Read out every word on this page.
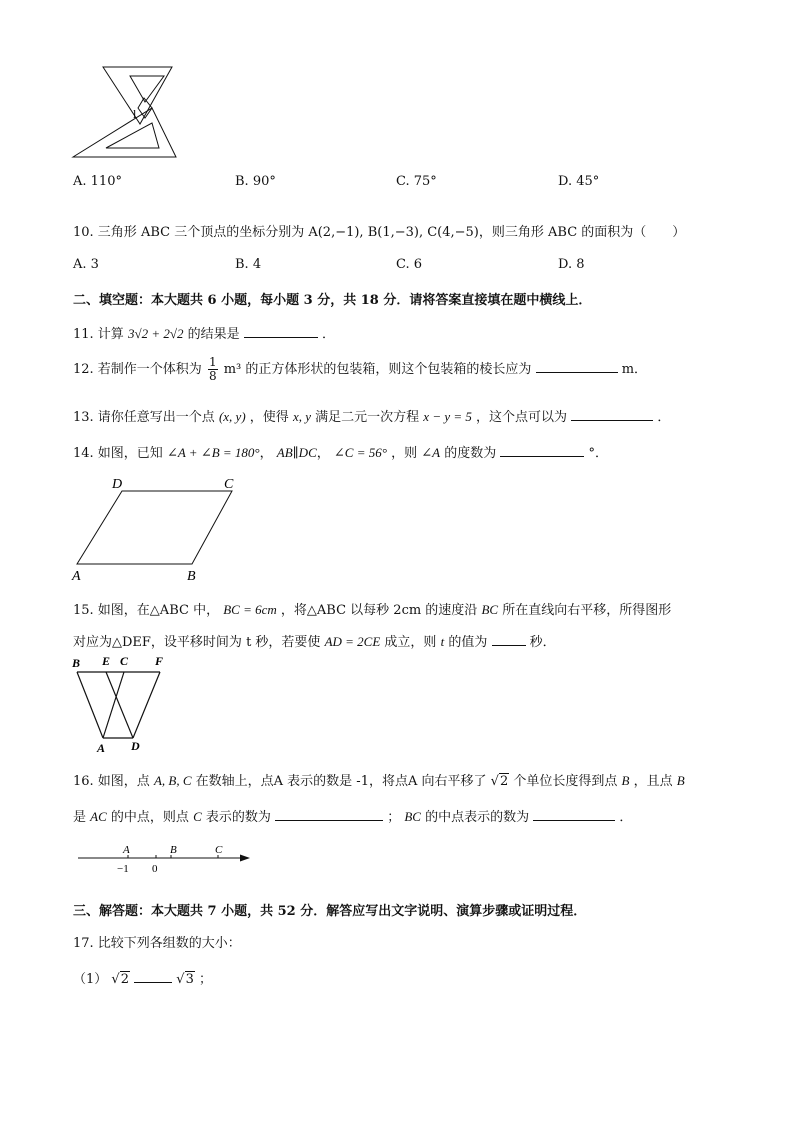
l
A. 110°	B. 90°	C. 75°	D. 45°
10. 三角形 ABC 三个顶点的坐标分别为 A(2,−1), B(1,−3), C(4,−5)，则三角形 ABC 的面积为（　　）
A. 3	B. 4	C. 6	D. 8
二、填空题：本大题共 6 小题，每小题 3 分，共 18 分．请将答案直接填在题中横线上．
11. 计算 3√2 + 2√2 的结果是	．
12. 若制作一个体积为 $\frac{1}{8} m^3$ 的正方体形状的包装箱，则这个包装箱的棱长应为	m．
13. 请你任意写出一个点 (x, y) ，使得 x, y 满足二元一次方程 x − y = 5 ，这个点可以为	．
14. 如图，已知 ∠A + ∠B = 180°， AB∥DC， ∠C = 56° ，则 ∠A 的度数为	°．
D	C
A	B
15. 如图，在△ABC 中， BC = 6cm ，将△ABC 以每秒 2cm 的速度沿 BC 所在直线向右平移，所得图形
对应为△DEF，设平移时间为 t 秒，若要使 AD = 2CE 成立，则 t 的值为	秒．
B E C F
A D
16. 如图，点 A, B, C 在数轴上，点A 表示的数是 -1，将点A 向右平移了 √2 个单位长度得到点 B ，且点 B
是 AC 的中点，则点 C 表示的数为	； BC 的中点表示的数为	．
A	B	C
−1 0
三、解答题：本大题共 7 小题，共 52 分．解答应写出文字说明、演算步骤或证明过程．
17. 比较下列各组数的大小：
（1） √2	√3 ；
